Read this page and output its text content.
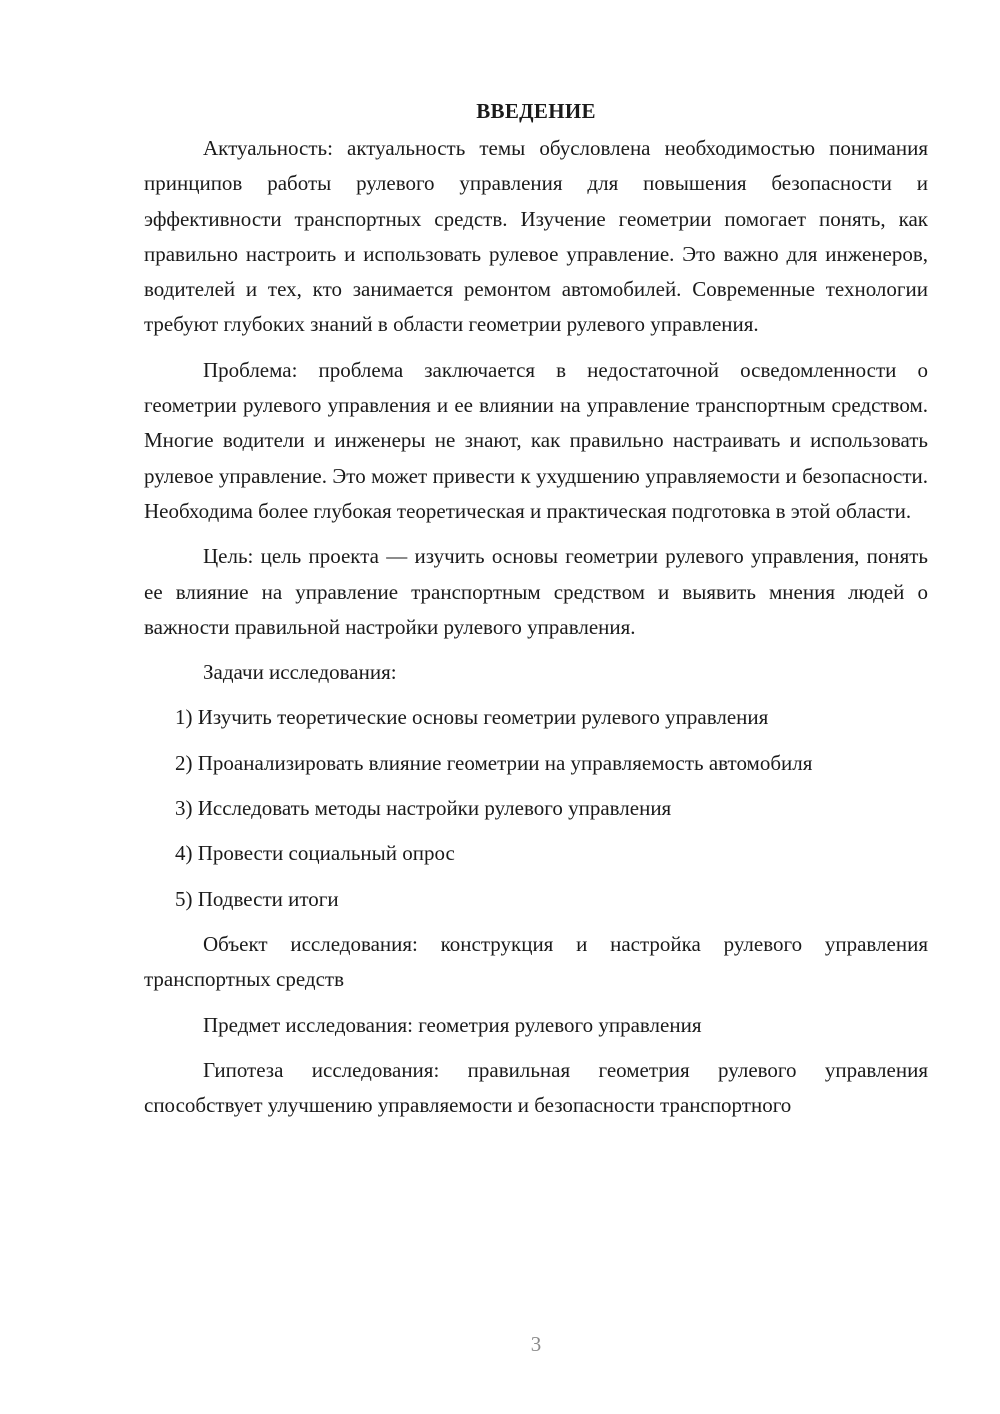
ВВЕДЕНИЕ

Актуальность: актуальность темы обусловлена необходимостью понимания принципов работы рулевого управления для повышения безопасности и эффективности транспортных средств. Изучение геометрии помогает понять, как правильно настроить и использовать рулевое управление. Это важно для инженеров, водителей и тех, кто занимается ремонтом автомобилей. Современные технологии требуют глубоких знаний в области геометрии рулевого управления.

Проблема: проблема заключается в недостаточной осведомленности о геометрии рулевого управления и ее влиянии на управление транспортным средством. Многие водители и инженеры не знают, как правильно настраивать и использовать рулевое управление. Это может привести к ухудшению управляемости и безопасности. Необходима более глубокая теоретическая и практическая подготовка в этой области.

Цель: цель проекта — изучить основы геометрии рулевого управления, понять ее влияние на управление транспортным средством и выявить мнения людей о важности правильной настройки рулевого управления.

Задачи исследования:

1) Изучить теоретические основы геометрии рулевого управления

2) Проанализировать влияние геометрии на управляемость автомобиля

3) Исследовать методы настройки рулевого управления

4) Провести социальный опрос

5) Подвести итоги

Объект исследования: конструкция и настройка рулевого управления транспортных средств

Предмет исследования: геометрия рулевого управления

Гипотеза исследования: правильная геометрия рулевого управления способствует улучшению управляемости и безопасности транспортного

3
